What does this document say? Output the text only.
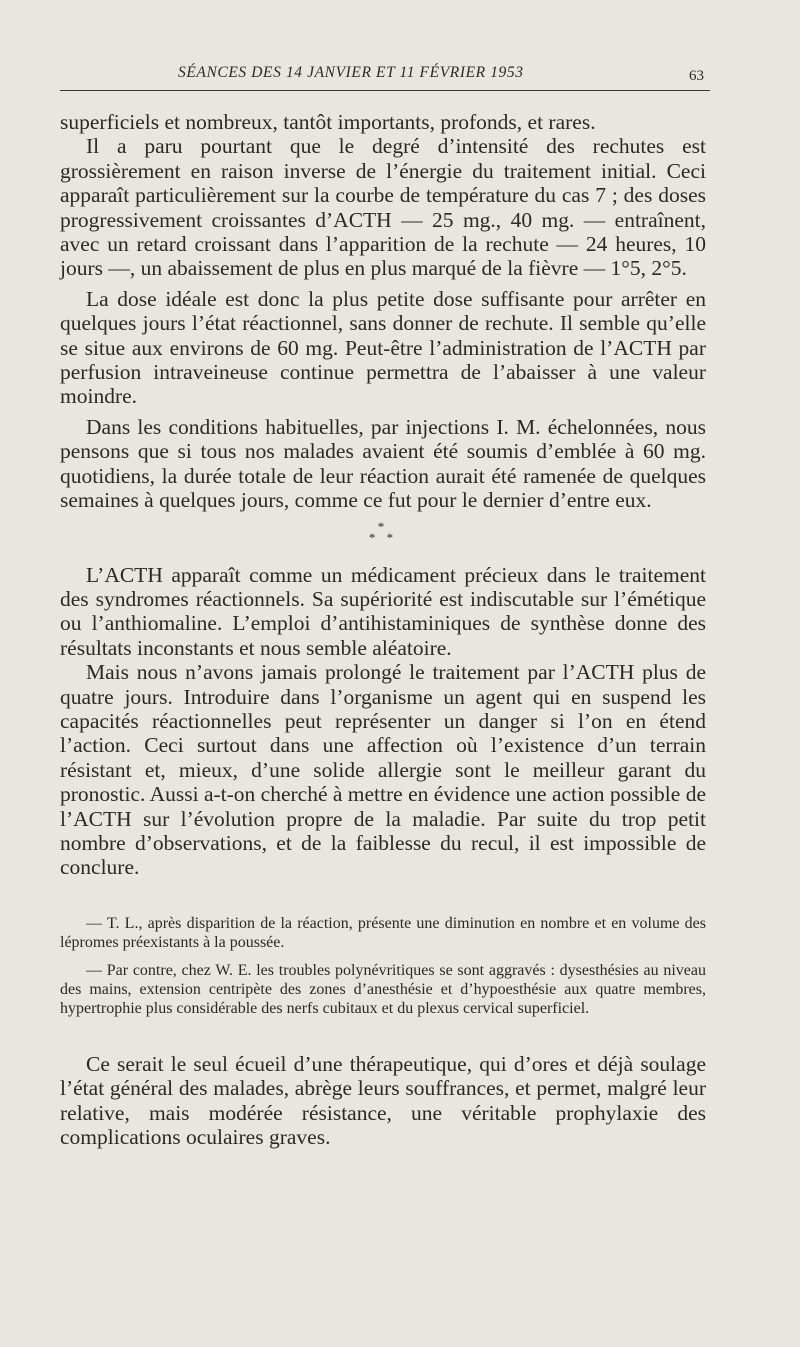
SÉANCES DES 14 JANVIER ET 11 FÉVRIER 1953	63

superficiels et nombreux, tantôt importants, profonds, et rares.

Il a paru pourtant que le degré d’intensité des rechutes est grossièrement en raison inverse de l’énergie du traitement initial. Ceci apparaît particulièrement sur la courbe de température du cas 7 ; des doses progressivement croissantes d’ACTH — 25 mg., 40 mg. — entraînent, avec un retard croissant dans l’apparition de la rechute — 24 heures, 10 jours —, un abaissement de plus en plus marqué de la fièvre — 1°5, 2°5.

La dose idéale est donc la plus petite dose suffisante pour arrêter en quelques jours l’état réactionnel, sans donner de rechute. Il semble qu’elle se situe aux environs de 60 mg. Peut-être l’administration de l’ACTH par perfusion intraveineuse continue permettra de l’abaisser à une valeur moindre.

Dans les conditions habituelles, par injections I. M. échelonnées, nous pensons que si tous nos malades avaient été soumis d’emblée à 60 mg. quotidiens, la durée totale de leur réaction aurait été ramenée de quelques semaines à quelques jours, comme ce fut pour le dernier d’entre eux.

*
* *

L’ACTH apparaît comme un médicament précieux dans le traitement des syndromes réactionnels. Sa supériorité est indiscutable sur l’émétique ou l’anthiomaline. L’emploi d’antihistaminiques de synthèse donne des résultats inconstants et nous semble aléatoire.

Mais nous n’avons jamais prolongé le traitement par l’ACTH plus de quatre jours. Introduire dans l’organisme un agent qui en suspend les capacités réactionnelles peut représenter un danger si l’on en étend l’action. Ceci surtout dans une affection où l’existence d’un terrain résistant et, mieux, d’une solide allergie sont le meilleur garant du pronostic. Aussi a-t-on cherché à mettre en évidence une action possible de l’ACTH sur l’évolution propre de la maladie. Par suite du trop petit nombre d’observations, et de la faiblesse du recul, il est impossible de conclure.

— T. L., après disparition de la réaction, présente une diminution en nombre et en volume des lépromes préexistants à la poussée.

— Par contre, chez W. E. les troubles polynévritiques se sont aggravés : dysesthésies au niveau des mains, extension centripète des zones d’anesthésie et d’hypoesthésie aux quatre membres, hypertrophie plus considérable des nerfs cubitaux et du plexus cervical superficiel.

Ce serait le seul écueil d’une thérapeutique, qui d’ores et déjà soulage l’état général des malades, abrège leurs souffrances, et permet, malgré leur relative, mais modérée résistance, une véritable prophylaxie des complications oculaires graves.
